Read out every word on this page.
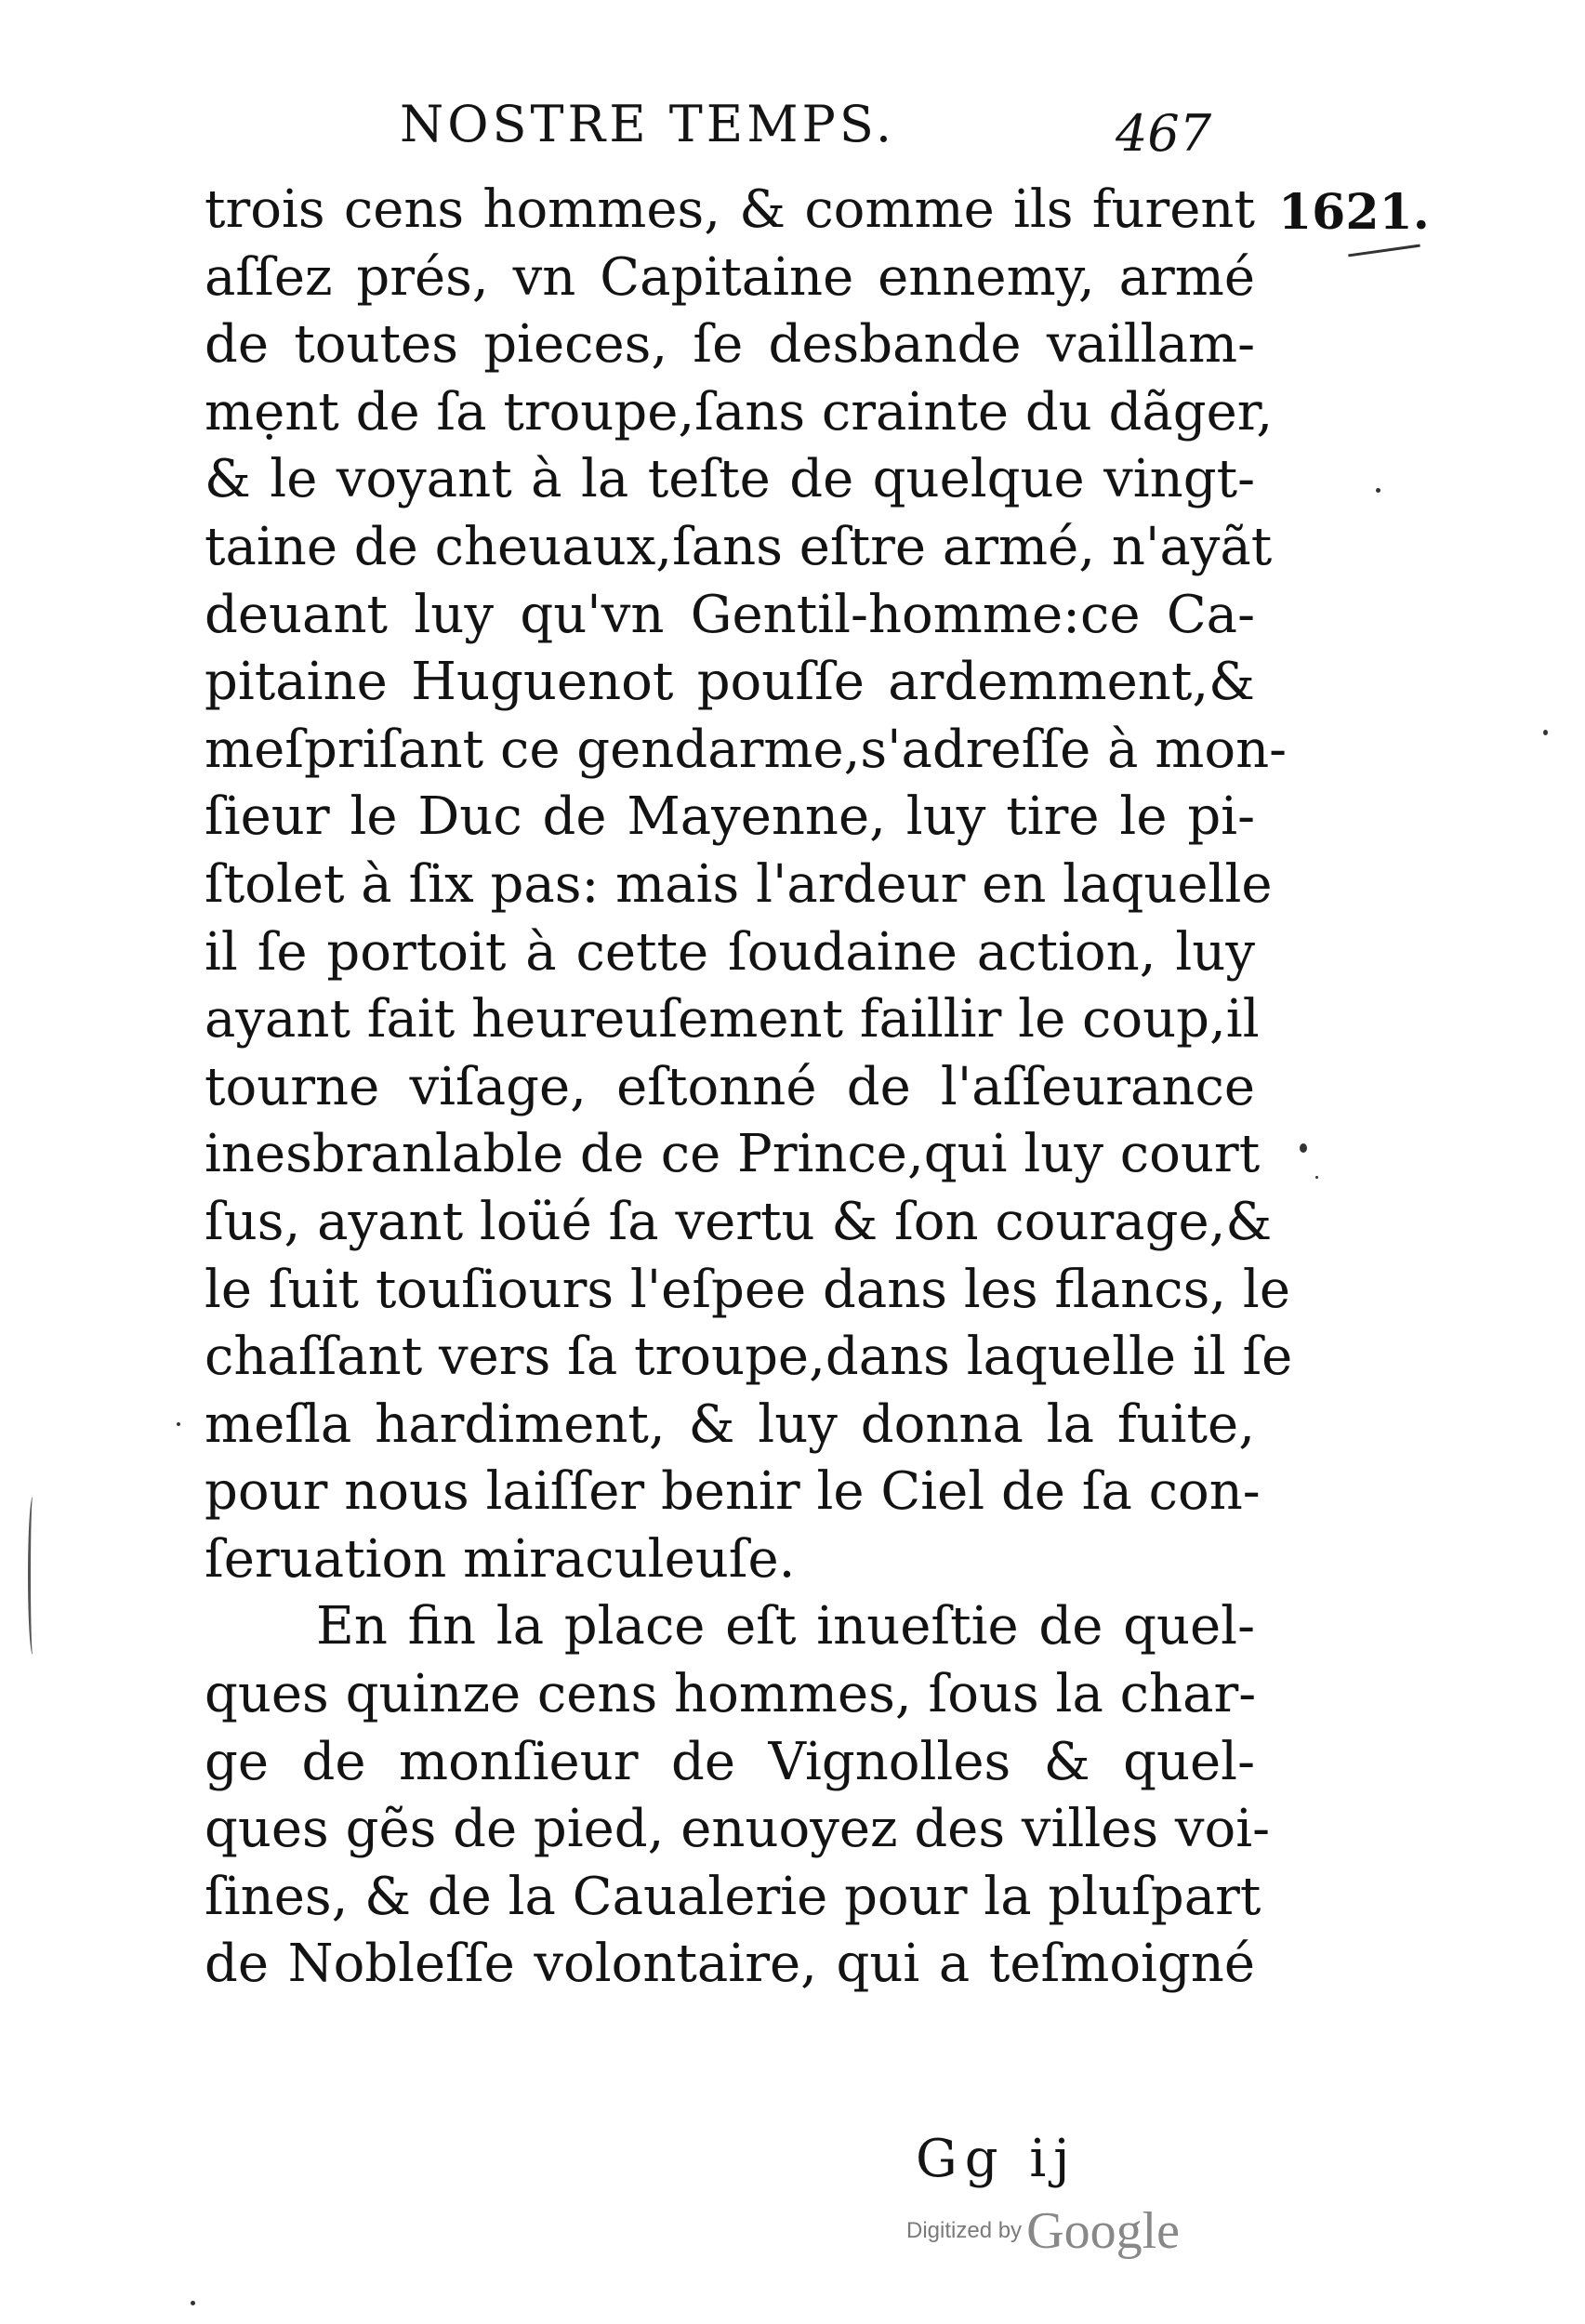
NOSTRE TEMPS.	467
1621.
trois cens hommes, & comme ils furent
aſſez prés, vn Capitaine ennemy, armé
de toutes pieces, ſe desbande vaillam-
mẹnt de ſa troupe,ſans crainte du dãger,
& le voyant à la teſte de quelque vingt-
taine de cheuaux,ſans eſtre armé, n'ayãt
deuant luy qu'vn Gentil-homme:ce Ca-
pitaine Huguenot pouſſe ardemment,&
meſpriſant ce gendarme,s'adreſſe à mon-
ſieur le Duc de Mayenne, luy tire le pi-
ſtolet à ſix pas: mais l'ardeur en laquelle
il ſe portoit à cette ſoudaine action, luy
ayant fait heureuſement faillir le coup,il
tourne viſage, eſtonné de l'aſſeurance
inesbranlable de ce Prince,qui luy court
ſus, ayant loüé ſa vertu & ſon courage,&
le ſuit touſiours l'eſpee dans les flancs, le
chaſſant vers ſa troupe,dans laquelle il ſe
meſla hardiment, & luy donna la fuite,
pour nous laiſſer benir le Ciel de ſa con-
ſeruation miraculeuſe.
En fin la place eſt inueſtie de quel-
ques quinze cens hommes, ſous la char-
ge de monſieur de Vignolles & quel-
ques gẽs de pied, enuoyez des villes voi-
ſines, & de la Caualerie pour la pluſpart
de Nobleſſe volontaire, qui a teſmoigné
Gg ij
Digitized by Google
